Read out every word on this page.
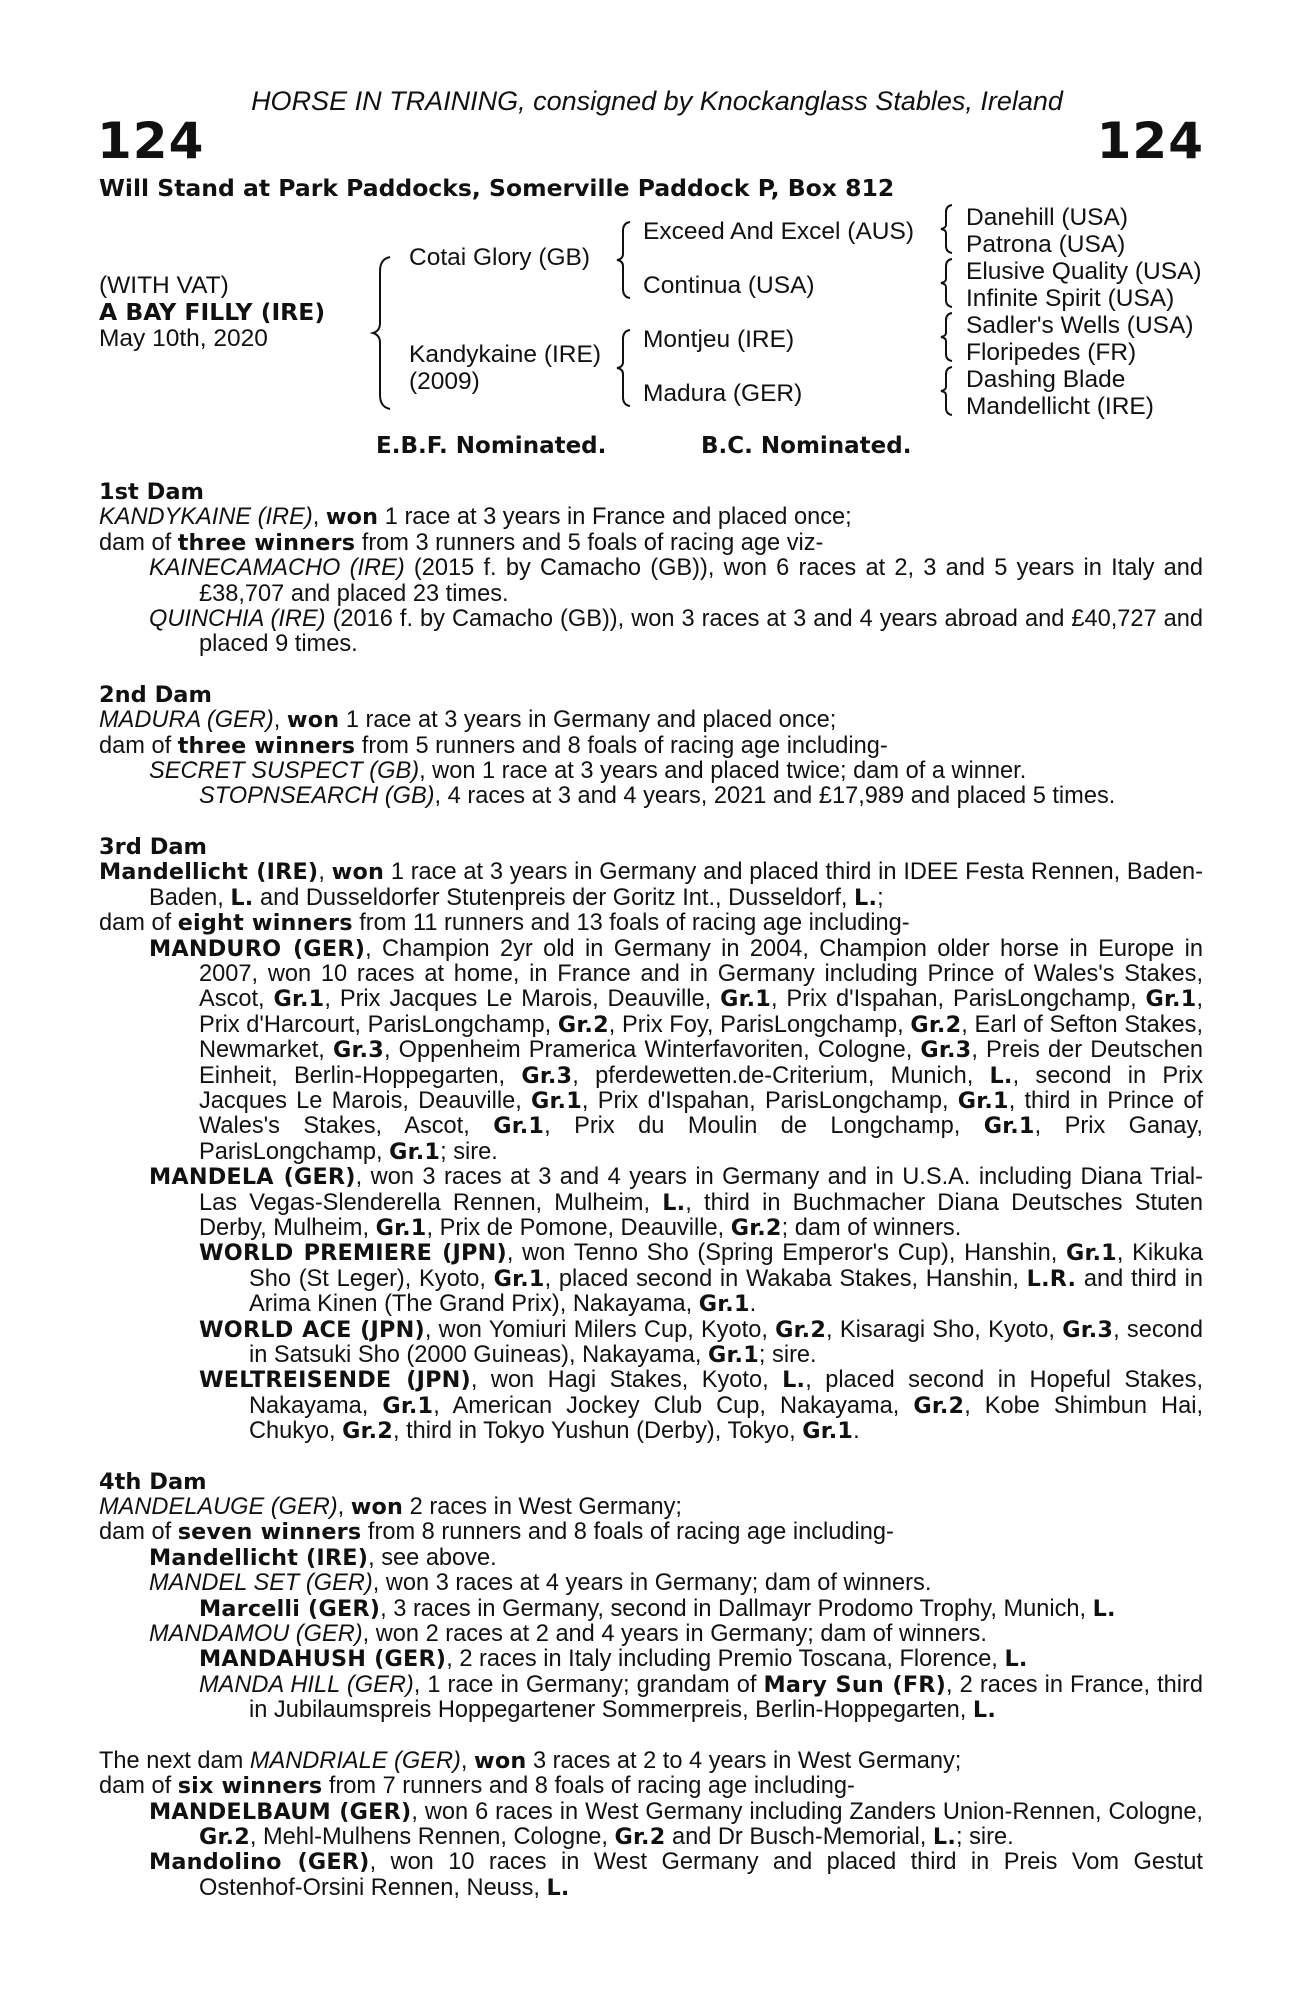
HORSE IN TRAINING, consigned by Knockanglass Stables, Ireland
124	124
Will Stand at Park Paddocks, Somerville Paddock P, Box 812
(WITH VAT)
A BAY FILLY (IRE)
May 10th, 2020
Cotai Glory (GB)
Kandykaine (IRE)
(2009)
Exceed And Excel (AUS)
Continua (USA)
Montjeu (IRE)
Madura (GER)
Danehill (USA)
Patrona (USA)
Elusive Quality (USA)
Infinite Spirit (USA)
Sadler's Wells (USA)
Floripedes (FR)
Dashing Blade
Mandellicht (IRE)
E.B.F. Nominated.	B.C. Nominated.
1st Dam
KANDYKAINE (IRE), won 1 race at 3 years in France and placed once;
dam of three winners from 3 runners and 5 foals of racing age viz-
KAINECAMACHO (IRE) (2015 f. by Camacho (GB)), won 6 races at 2, 3 and 5 years in Italy and £38,707 and placed 23 times.
QUINCHIA (IRE) (2016 f. by Camacho (GB)), won 3 races at 3 and 4 years abroad and £40,727 and placed 9 times.
2nd Dam
MADURA (GER), won 1 race at 3 years in Germany and placed once;
dam of three winners from 5 runners and 8 foals of racing age including-
SECRET SUSPECT (GB), won 1 race at 3 years and placed twice; dam of a winner.
STOPNSEARCH (GB), 4 races at 3 and 4 years, 2021 and £17,989 and placed 5 times.
3rd Dam
Mandellicht (IRE), won 1 race at 3 years in Germany and placed third in IDEE Festa Rennen, Baden-Baden, L. and Dusseldorfer Stutenpreis der Goritz Int., Dusseldorf, L.;
dam of eight winners from 11 runners and 13 foals of racing age including-
MANDURO (GER), Champion 2yr old in Germany in 2004, Champion older horse in Europe in 2007, won 10 races at home, in France and in Germany including Prince of Wales's Stakes, Ascot, Gr.1, Prix Jacques Le Marois, Deauville, Gr.1, Prix d'Ispahan, ParisLongchamp, Gr.1, Prix d'Harcourt, ParisLongchamp, Gr.2, Prix Foy, ParisLongchamp, Gr.2, Earl of Sefton Stakes, Newmarket, Gr.3, Oppenheim Pramerica Winterfavoriten, Cologne, Gr.3, Preis der Deutschen Einheit, Berlin-Hoppegarten, Gr.3, pferdewetten.de-Criterium, Munich, L., second in Prix Jacques Le Marois, Deauville, Gr.1, Prix d'Ispahan, ParisLongchamp, Gr.1, third in Prince of Wales's Stakes, Ascot, Gr.1, Prix du Moulin de Longchamp, Gr.1, Prix Ganay, ParisLongchamp, Gr.1; sire.
MANDELA (GER), won 3 races at 3 and 4 years in Germany and in U.S.A. including Diana Trial-Las Vegas-Slenderella Rennen, Mulheim, L., third in Buchmacher Diana Deutsches Stuten Derby, Mulheim, Gr.1, Prix de Pomone, Deauville, Gr.2; dam of winners.
WORLD PREMIERE (JPN), won Tenno Sho (Spring Emperor's Cup), Hanshin, Gr.1, Kikuka Sho (St Leger), Kyoto, Gr.1, placed second in Wakaba Stakes, Hanshin, L.R. and third in Arima Kinen (The Grand Prix), Nakayama, Gr.1.
WORLD ACE (JPN), won Yomiuri Milers Cup, Kyoto, Gr.2, Kisaragi Sho, Kyoto, Gr.3, second in Satsuki Sho (2000 Guineas), Nakayama, Gr.1; sire.
WELTREISENDE (JPN), won Hagi Stakes, Kyoto, L., placed second in Hopeful Stakes, Nakayama, Gr.1, American Jockey Club Cup, Nakayama, Gr.2, Kobe Shimbun Hai, Chukyo, Gr.2, third in Tokyo Yushun (Derby), Tokyo, Gr.1.
4th Dam
MANDELAUGE (GER), won 2 races in West Germany;
dam of seven winners from 8 runners and 8 foals of racing age including-
Mandellicht (IRE), see above.
MANDEL SET (GER), won 3 races at 4 years in Germany; dam of winners.
Marcelli (GER), 3 races in Germany, second in Dallmayr Prodomo Trophy, Munich, L.
MANDAMOU (GER), won 2 races at 2 and 4 years in Germany; dam of winners.
MANDAHUSH (GER), 2 races in Italy including Premio Toscana, Florence, L.
MANDA HILL (GER), 1 race in Germany; grandam of Mary Sun (FR), 2 races in France, third in Jubilaumspreis Hoppegartener Sommerpreis, Berlin-Hoppegarten, L.
The next dam MANDRIALE (GER), won 3 races at 2 to 4 years in West Germany;
dam of six winners from 7 runners and 8 foals of racing age including-
MANDELBAUM (GER), won 6 races in West Germany including Zanders Union-Rennen, Cologne, Gr.2, Mehl-Mulhens Rennen, Cologne, Gr.2 and Dr Busch-Memorial, L.; sire.
Mandolino (GER), won 10 races in West Germany and placed third in Preis Vom Gestut Ostenhof-Orsini Rennen, Neuss, L.
